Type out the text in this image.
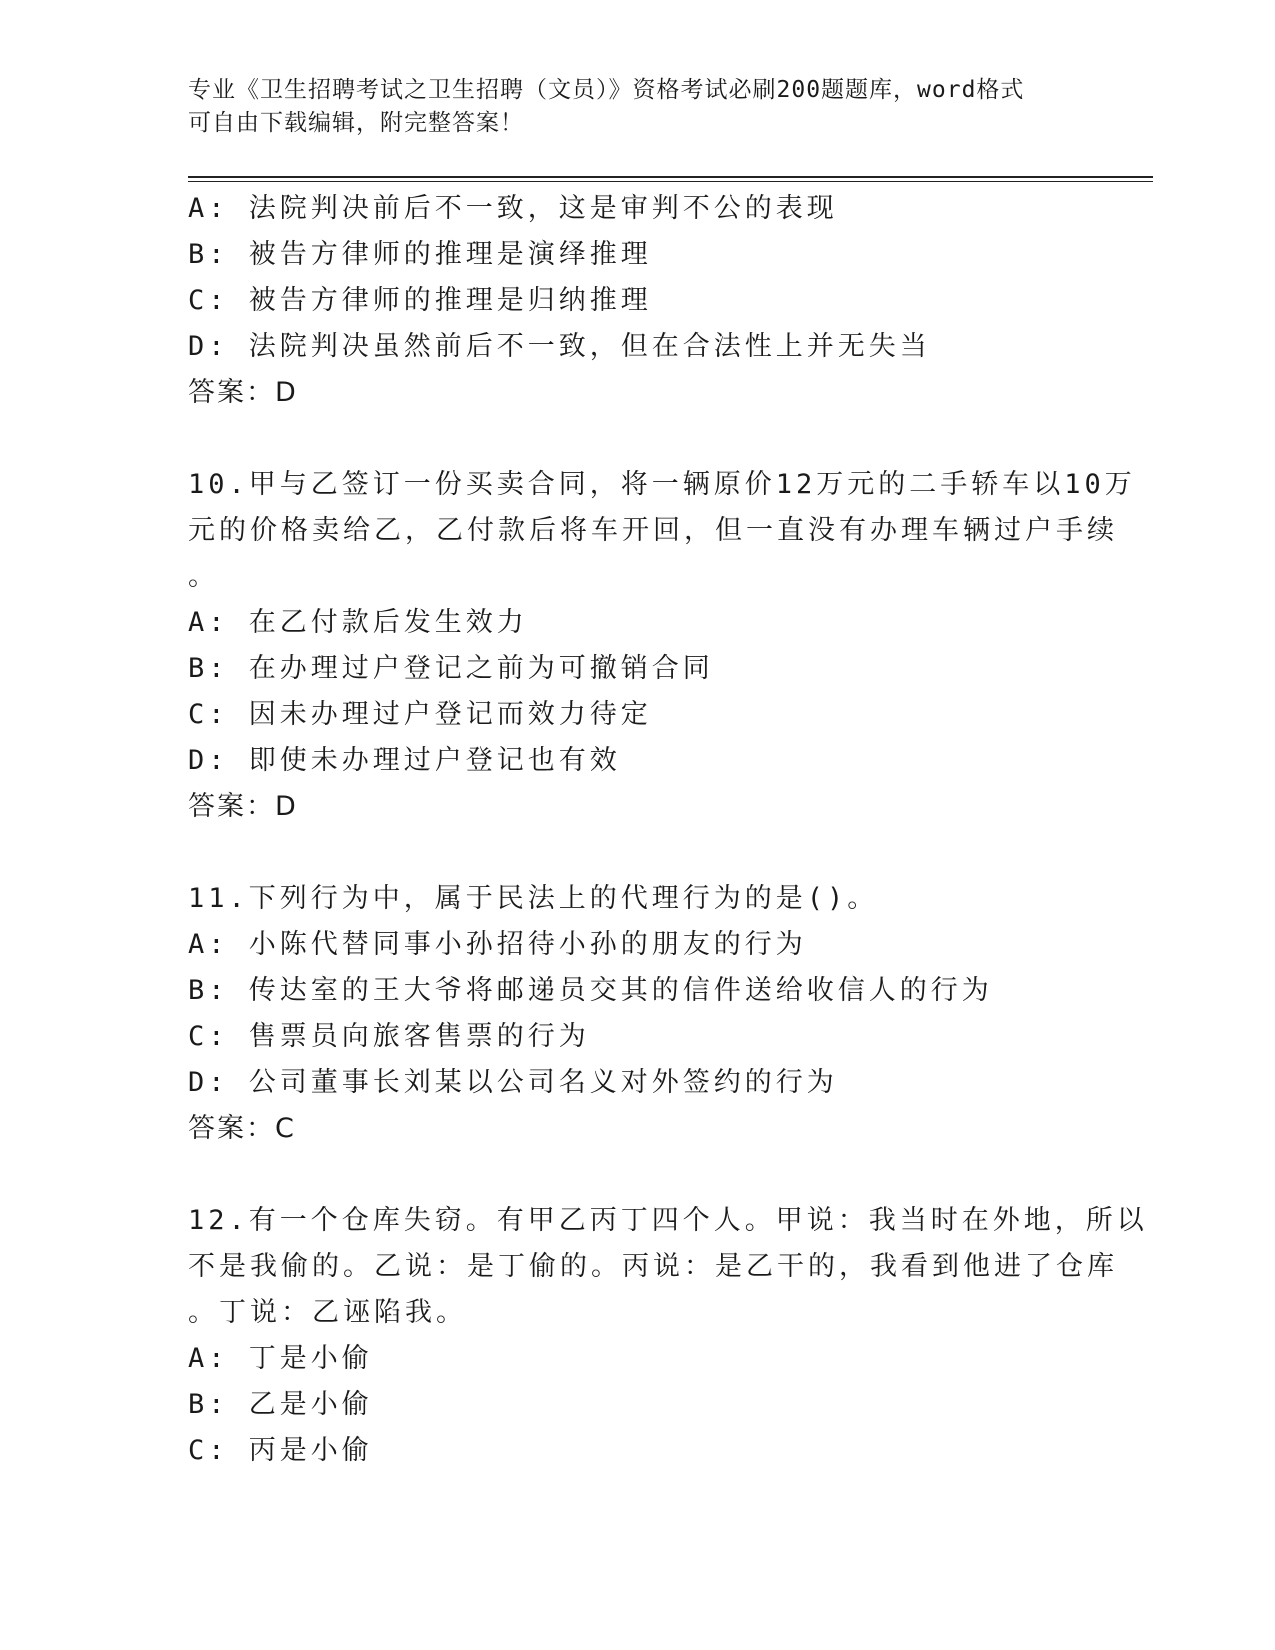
专业《卫生招聘考试之卫生招聘（文员）》资格考试必刷200题题库，word格式
可自由下载编辑，附完整答案！
A: 法院判决前后不一致，这是审判不公的表现
B: 被告方律师的推理是演绎推理
C: 被告方律师的推理是归纳推理
D: 法院判决虽然前后不一致，但在合法性上并无失当
答案：D
10.甲与乙签订一份买卖合同，将一辆原价12万元的二手轿车以10万
元的价格卖给乙，乙付款后将车开回，但一直没有办理车辆过户手续
。
A: 在乙付款后发生效力
B: 在办理过户登记之前为可撤销合同
C: 因未办理过户登记而效力待定
D: 即使未办理过户登记也有效
答案：D
11.下列行为中，属于民法上的代理行为的是()。
A: 小陈代替同事小孙招待小孙的朋友的行为
B: 传达室的王大爷将邮递员交其的信件送给收信人的行为
C: 售票员向旅客售票的行为
D: 公司董事长刘某以公司名义对外签约的行为
答案：C
12.有一个仓库失窃。有甲乙丙丁四个人。甲说：我当时在外地，所以
不是我偷的。乙说：是丁偷的。丙说：是乙干的，我看到他进了仓库
。丁说：乙诬陷我。
A: 丁是小偷
B: 乙是小偷
C: 丙是小偷
